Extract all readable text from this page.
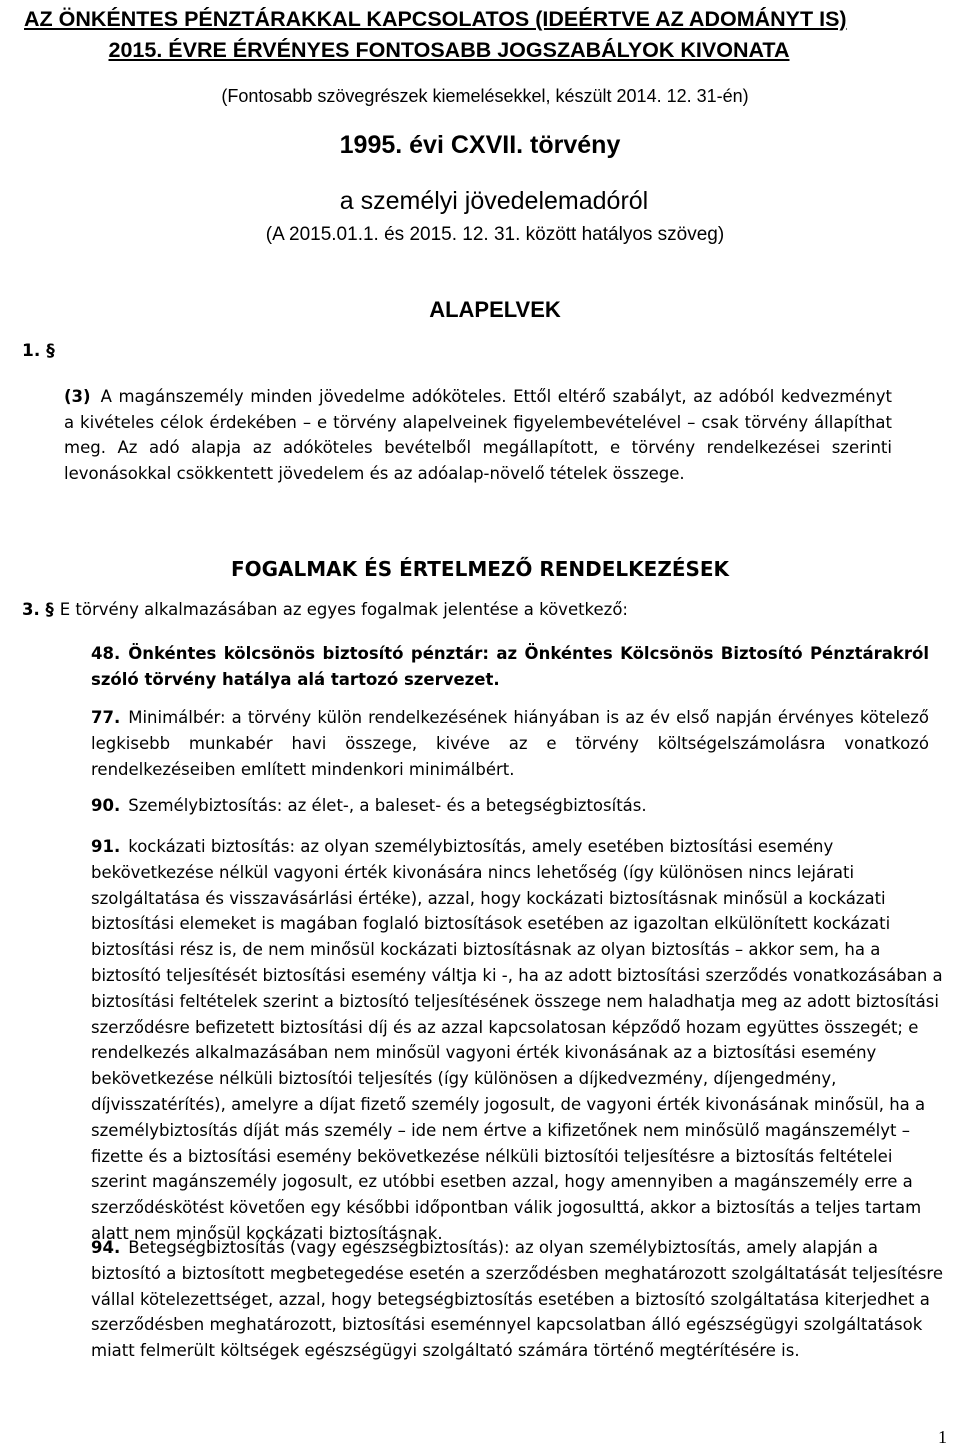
AZ ÖNKÉNTES PÉNZTÁRAKKAL KAPCSOLATOS (IDEÉRTVE AZ ADOMÁNYT IS)
2015. ÉVRE ÉRVÉNYES FONTOSABB JOGSZABÁLYOK KIVONATA
(Fontosabb szövegrészek kiemelésekkel, készült 2014. 12. 31-én)
1995. évi CXVII. törvény
a személyi jövedelemadóról
(A 2015.01.1. és 2015. 12. 31. között hatályos szöveg)
ALAPELVEK
1. §
(3) A magánszemély minden jövedelme adóköteles. Ettől eltérő szabályt, az adóból kedvezményt a kivételes célok érdekében – e törvény alapelveinek figyelembevételével – csak törvény állapíthat meg. Az adó alapja az adóköteles bevételből megállapított, e törvény rendelkezései szerinti levonásokkal csökkentett jövedelem és az adóalap-növelő tételek összege.
FOGALMAK ÉS ÉRTELMEZŐ RENDELKEZÉSEK
3. § E törvény alkalmazásában az egyes fogalmak jelentése a következő:
48. Önkéntes kölcsönös biztosító pénztár: az Önkéntes Kölcsönös Biztosító Pénztárakról szóló törvény hatálya alá tartozó szervezet.
77. Minimálbér: a törvény külön rendelkezésének hiányában is az év első napján érvényes kötelező legkisebb munkabér havi összege, kivéve az e törvény költségelszámolásra vonatkozó rendelkezéseiben említett mindenkori minimálbért.
90. Személybiztosítás: az élet-, a baleset- és a betegségbiztosítás.
91. kockázati biztosítás: az olyan személybiztosítás, amely esetében biztosítási esemény bekövetkezése nélkül vagyoni érték kivonására nincs lehetőség (így különösen nincs lejárati szolgáltatása és visszavásárlási értéke), azzal, hogy kockázati biztosításnak minősül a kockázati biztosítási elemeket is magában foglaló biztosítások esetében az igazoltan elkülönített kockázati biztosítási rész is, de nem minősül kockázati biztosításnak az olyan biztosítás – akkor sem, ha a biztosító teljesítését biztosítási esemény váltja ki -, ha az adott biztosítási szerződés vonatkozásában a biztosítási feltételek szerint a biztosító teljesítésének összege nem haladhatja meg az adott biztosítási szerződésre befizetett biztosítási díj és az azzal kapcsolatosan képződő hozam együttes összegét; e rendelkezés alkalmazásában nem minősül vagyoni érték kivonásának az a biztosítási esemény bekövetkezése nélküli biztosítói teljesítés (így különösen a díjkedvezmény, díjengedmény, díjvisszatérítés), amelyre a díjat fizető személy jogosult, de vagyoni érték kivonásának minősül, ha a személybiztosítás díját más személy – ide nem értve a kifizetőnek nem minősülő magánszemélyt – fizette és a biztosítási esemény bekövetkezése nélküli biztosítói teljesítésre a biztosítás feltételei szerint magánszemély jogosult, ez utóbbi esetben azzal, hogy amennyiben a magánszemély erre a szerződéskötést követően egy későbbi időpontban válik jogosulttá, akkor a biztosítás a teljes tartam alatt nem minősül kockázati biztosításnak.
94. Betegségbiztosítás (vagy egészségbiztosítás): az olyan személybiztosítás, amely alapján a biztosító a biztosított megbetegedése esetén a szerződésben meghatározott szolgáltatását teljesítésre vállal kötelezettséget, azzal, hogy betegségbiztosítás esetében a biztosító szolgáltatása kiterjedhet a szerződésben meghatározott, biztosítási eseménnyel kapcsolatban álló egészségügyi szolgáltatások miatt felmerült költségek egészségügyi szolgáltató számára történő megtérítésére is.
1
